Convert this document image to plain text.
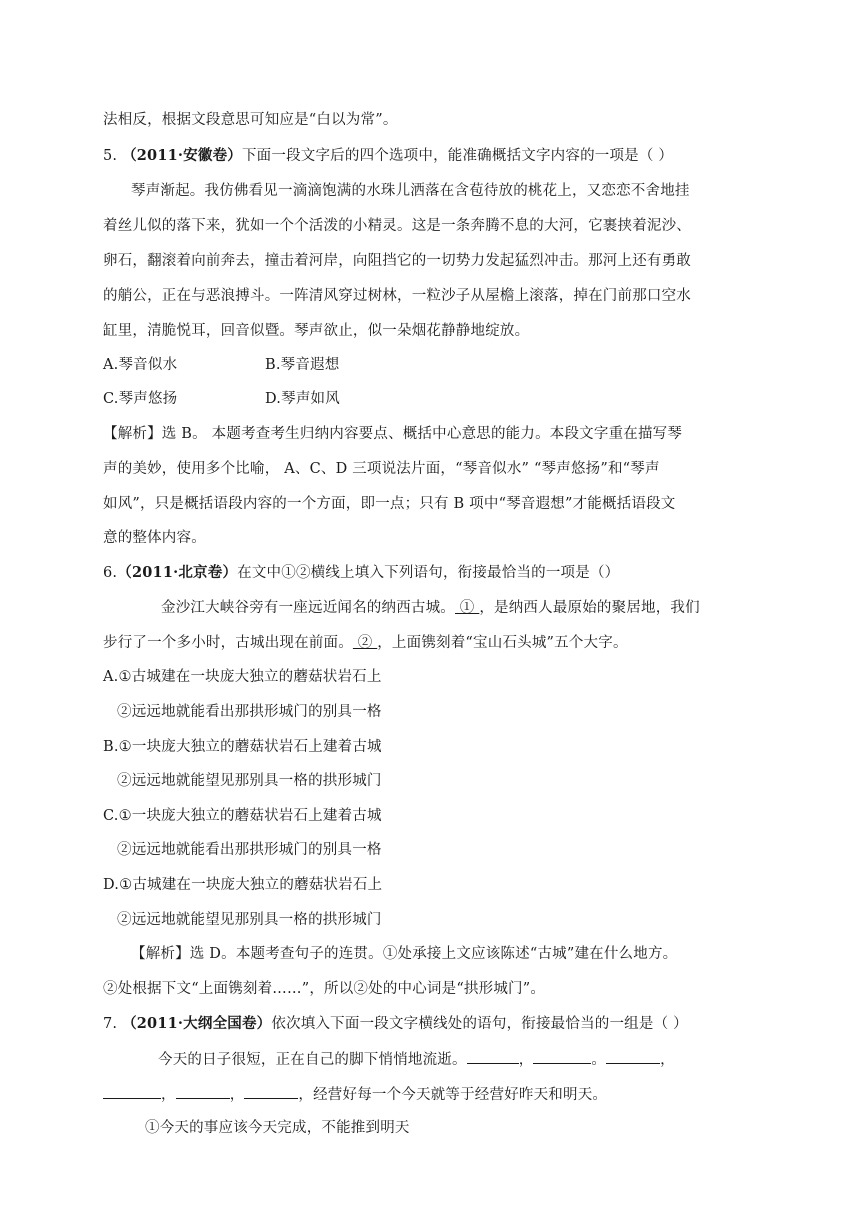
法相反，根据文段意思可知应是“白以为常”。
5. （2011·安徽卷）下面一段文字后的四个选项中，能准确概括文字内容的一项是（ ）
琴声渐起。我仿佛看见一滴滴饱满的水珠儿洒落在含苞待放的桃花上，又恋恋不舍地挂
着丝儿似的落下来，犹如一个个活泼的小精灵。这是一条奔腾不息的大河，它裹挟着泥沙、
卵石，翻滚着向前奔去，撞击着河岸，向阻挡它的一切势力发起猛烈冲击。那河上还有勇敢
的艄公，正在与恶浪搏斗。一阵清风穿过树林，一粒沙子从屋檐上滚落，掉在门前那口空水
缸里，清脆悦耳，回音似暨。琴声欲止，似一朵烟花静静地绽放。
A.琴音似水	B.琴音遐想
C.琴声悠扬	D.琴声如风
【解析】选 B。 本题考查考生归纳内容要点、概括中心意思的能力。本段文字重在描写琴
声的美妙，使用多个比喻， A、C、D 三项说法片面，“琴音似水” “琴声悠扬”和“琴声
如风”，只是概括语段内容的一个方面，即一点；只有 B 项中“琴音遐想”才能概括语段文
意的整体内容。
6.（2011·北京卷）在文中①②横线上填入下列语句，衔接最恰当的一项是（）
金沙江大峡谷旁有一座远近闻名的纳西古城。 ① ，是纳西人最原始的聚居地，我们
步行了一个多小时，古城出现在前面。 ② ，上面镌刻着“宝山石头城”五个大字。
A.①古城建在一块庞大独立的蘑菇状岩石上
②远远地就能看出那拱形城门的别具一格
B.①一块庞大独立的蘑菇状岩石上建着古城
②远远地就能望见那别具一格的拱形城门
C.①一块庞大独立的蘑菇状岩石上建着古城
②远远地就能看出那拱形城门的别具一格
D.①古城建在一块庞大独立的蘑菇状岩石上
②远远地就能望见那别具一格的拱形城门
【解析】选 D。本题考查句子的连贯。①处承接上文应该陈述“古城”建在什么地方。
②处根据下文“上面镌刻着……”，所以②处的中心词是“拱形城门”。
7. （2011·大纲全国卷）依次填入下面一段文字横线处的语句，衔接最恰当的一组是（ ）
今天的日子很短，正在自己的脚下悄悄地流逝。	，	。	，
，	，	，经营好每一个今天就等于经营好昨天和明天。
①今天的事应该今天完成，不能推到明天
